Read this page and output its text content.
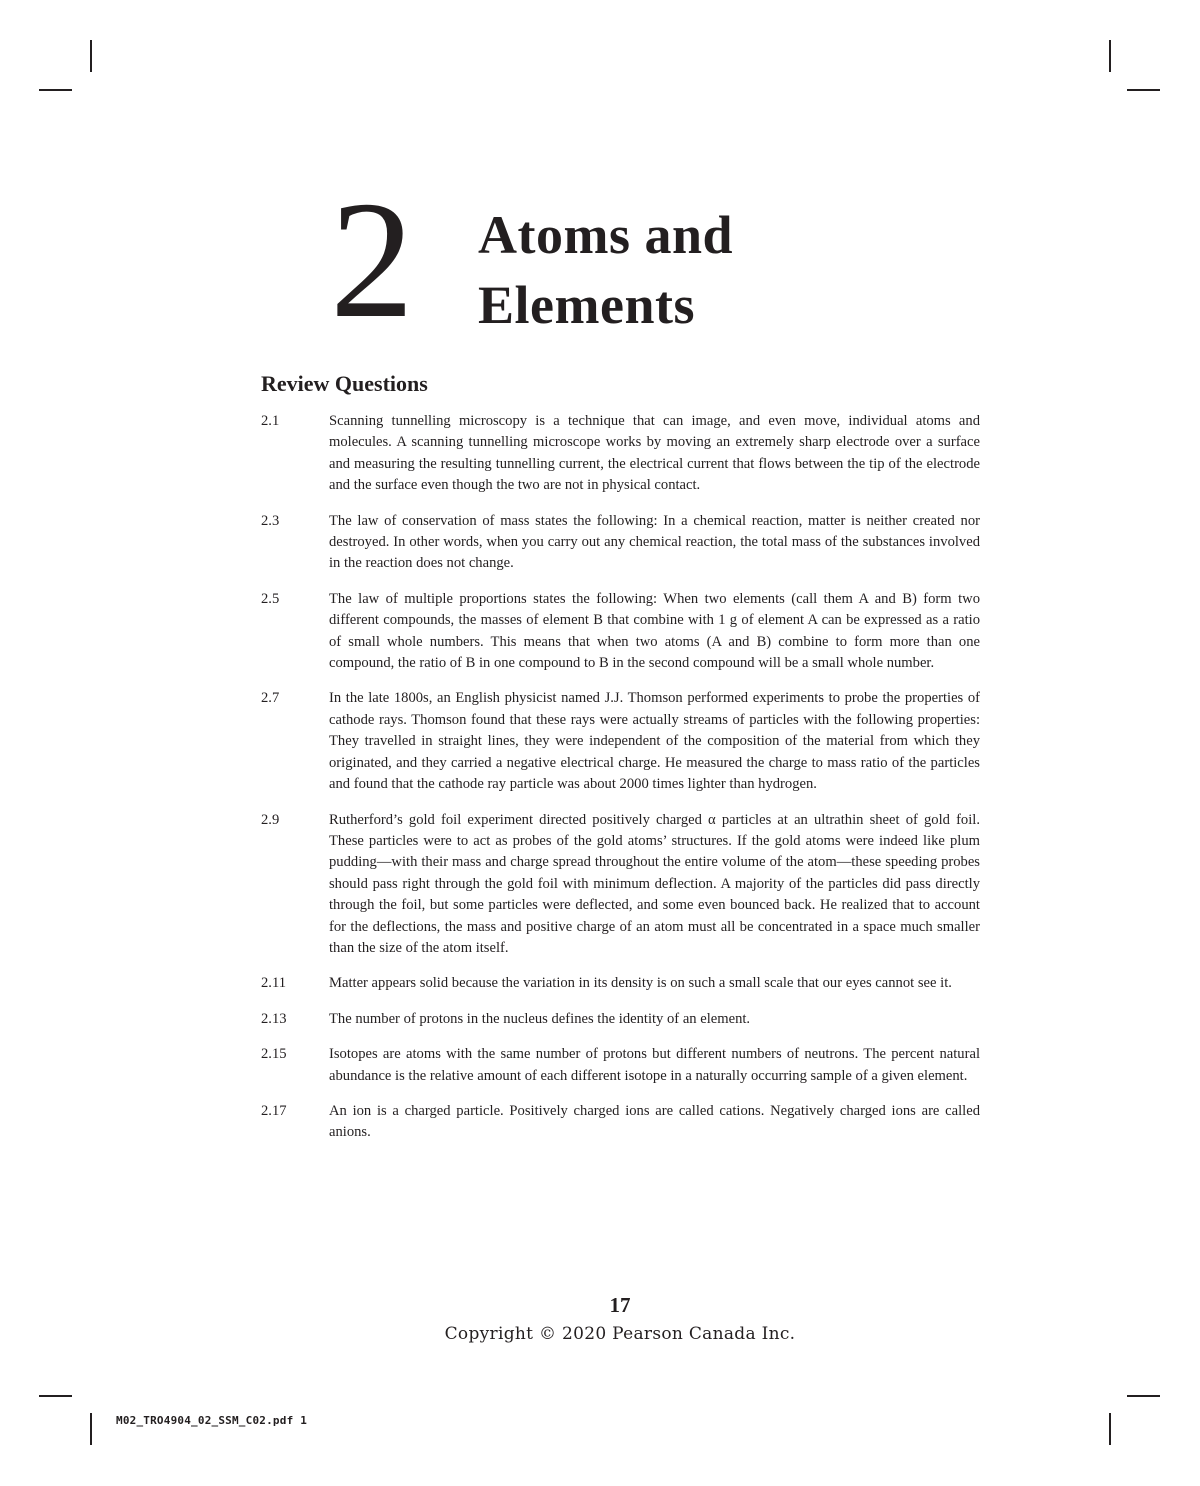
2 Atoms and
Elements
Review Questions
2.1	Scanning tunnelling microscopy is a technique that can image, and even move, individual atoms and molecules. A scanning tunnelling microscope works by moving an extremely sharp electrode over a surface and measuring the resulting tunnelling current, the electrical current that flows between the tip of the electrode and the surface even though the two are not in physical contact.
2.3	The law of conservation of mass states the following: In a chemical reaction, matter is neither created nor destroyed. In other words, when you carry out any chemical reaction, the total mass of the substances involved in the reaction does not change.
2.5	The law of multiple proportions states the following: When two elements (call them A and B) form two different compounds, the masses of element B that combine with 1 g of element A can be expressed as a ratio of small whole numbers. This means that when two atoms (A and B) combine to form more than one compound, the ratio of B in one compound to B in the second compound will be a small whole number.
2.7	In the late 1800s, an English physicist named J.J. Thomson performed experiments to probe the properties of cathode rays. Thomson found that these rays were actually streams of particles with the following properties: They travelled in straight lines, they were independent of the composition of the material from which they originated, and they carried a negative electrical charge. He measured the charge to mass ratio of the particles and found that the cathode ray particle was about 2000 times lighter than hydrogen.
2.9	Rutherford’s gold foil experiment directed positively charged α particles at an ultrathin sheet of gold foil. These particles were to act as probes of the gold atoms’ structures. If the gold atoms were indeed like plum pudding—with their mass and charge spread throughout the entire volume of the atom—these speeding probes should pass right through the gold foil with minimum deflection. A majority of the particles did pass directly through the foil, but some particles were deflected, and some even bounced back. He realized that to account for the deflections, the mass and positive charge of an atom must all be concentrated in a space much smaller than the size of the atom itself.
2.11	Matter appears solid because the variation in its density is on such a small scale that our eyes cannot see it.
2.13	The number of protons in the nucleus defines the identity of an element.
2.15	Isotopes are atoms with the same number of protons but different numbers of neutrons. The percent natural abundance is the relative amount of each different isotope in a naturally occurring sample of a given element.
2.17	An ion is a charged particle. Positively charged ions are called cations. Negatively charged ions are called anions.
17
Copyright © 2020 Pearson Canada Inc.
M02_TRO4904_02_SSM_C02.pdf 1
